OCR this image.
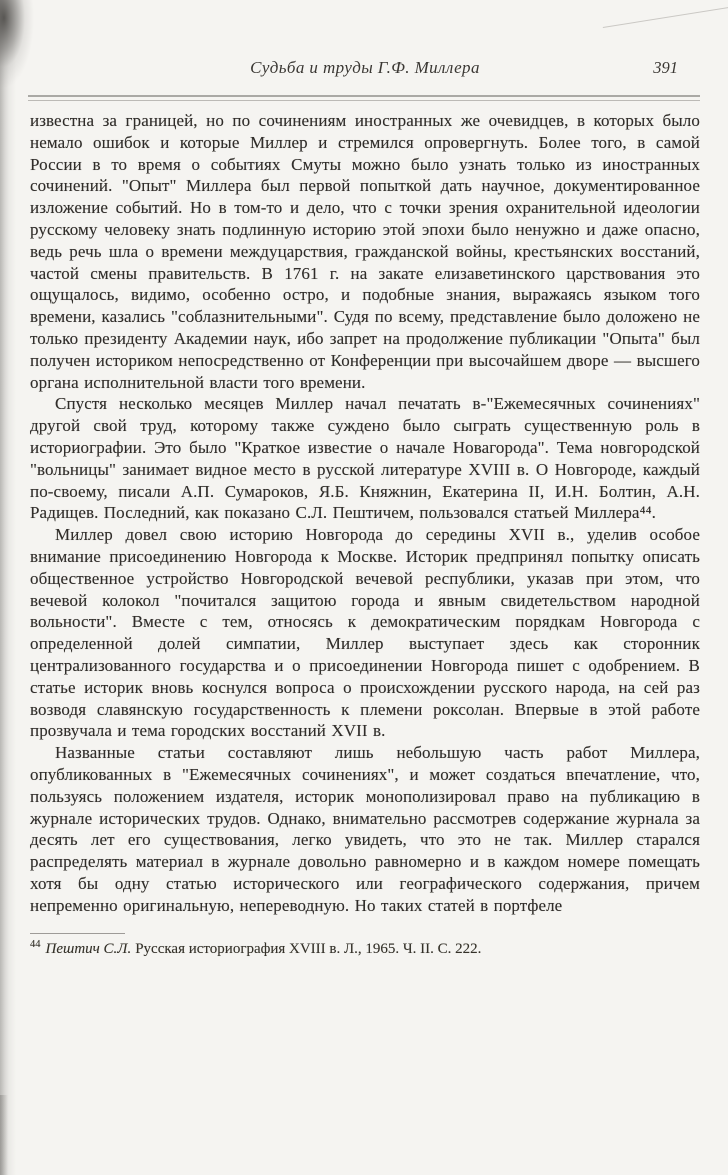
Судьба и труды Г.Ф. Миллера	391

известна за границей, но по сочинениям иностранных же очевидцев, в которых было немало ошибок и которые Миллер и стремился опровергнуть. Более того, в самой России в то время о событиях Смуты можно было узнать только из иностранных сочинений. "Опыт" Миллера был первой попыткой дать научное, документированное изложение событий. Но в том-то и дело, что с точки зрения охранительной идеологии русскому человеку знать подлинную историю этой эпохи было ненужно и даже опасно, ведь речь шла о времени междуцарствия, гражданской войны, крестьянских восстаний, частой смены правительств. В 1761 г. на закате елизаветинского царствования это ощущалось, видимо, особенно остро, и подобные знания, выражаясь языком того времени, казались "соблазнительными". Судя по всему, представление было доложено не только президенту Академии наук, ибо запрет на продолжение публикации "Опыта" был получен историком непосредственно от Конференции при высочайшем дворе — высшего органа исполнительной власти того времени.

Спустя несколько месяцев Миллер начал печатать в-"Ежемесячных сочинениях" другой свой труд, которому также суждено было сыграть существенную роль в историографии. Это было "Краткое известие о начале Новагорода". Тема новгородской "вольницы" занимает видное место в русской литературе XVIII в. О Новгороде, каждый по-своему, писали А.П. Сумароков, Я.Б. Княжнин, Екатерина II, И.Н. Болтин, А.Н. Радищев. Последний, как показано С.Л. Пештичем, пользовался статьей Миллера⁴⁴.

Миллер довел свою историю Новгорода до середины XVII в., уделив особое внимание присоединению Новгорода к Москве. Историк предпринял попытку описать общественное устройство Новгородской вечевой республики, указав при этом, что вечевой колокол "почитался защитою города и явным свидетельством народной вольности". Вместе с тем, относясь к демократическим порядкам Новгорода с определенной долей симпатии, Миллер выступает здесь как сторонник централизованного государства и о присоединении Новгорода пишет с одобрением. В статье историк вновь коснулся вопроса о происхождении русского народа, на сей раз возводя славянскую государственность к племени роксолан. Впервые в этой работе прозвучала и тема городских восстаний XVII в.

Названные статьи составляют лишь небольшую часть работ Миллера, опубликованных в "Ежемесячных сочинениях", и может создаться впечатление, что, пользуясь положением издателя, историк монополизировал право на публикацию в журнале исторических трудов. Однако, внимательно рассмотрев содержание журнала за десять лет его существования, легко увидеть, что это не так. Миллер старался распределять материал в журнале довольно равномерно и в каждом номере помещать хотя бы одну статью исторического или географического содержания, причем непременно оригинальную, непереводную. Но таких статей в портфеле

$^{44}$ Пештич С.Л. Русская историография XVIII в. Л., 1965. Ч. II. С. 222.
